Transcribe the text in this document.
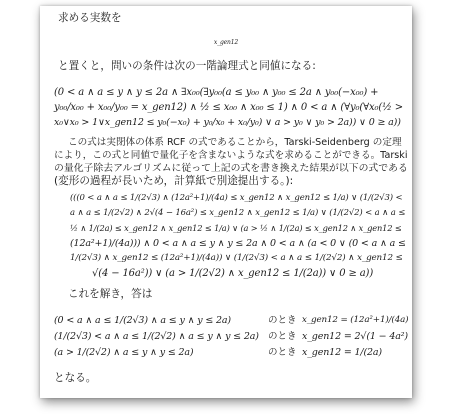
求める実数を
x_gen12
と置くと，問いの条件は次の一階論理式と同値になる:
(0 < a ∧ a ≤ y ∧ y ≤ 2a ∧ ∃x₀₀(∃y₀₀(a ≤ y₀₀ ∧ y₀₀ ≤ 2a ∧ y₀₀(−x₀₀) +
y₀₀/x₀₀ + x₀₀/y₀₀ = x_gen12) ∧ ½ ≤ x₀₀ ∧ x₀₀ ≤ 1) ∧ 0 < a ∧ (∀y₀(∀x₀(½ >
x₀∨x₀ > 1∨x_gen12 ≤ y₀(−x₀) + y₀/x₀ + x₀/y₀) ∨ a > y₀ ∨ y₀ > 2a)) ∨ 0 ≥ a))
この式は実閉体の体系 RCF の式であることから，Tarski-Seidenberg の定理
により，この式と同値で量化子を含まないような式を求めることができる。Tarski
の量化子除去アルゴリズムに従って上記の式を書き換えた結果が以下の式である
(変形の過程が長いため，計算紙で別途提出する。):
(((0 < a ∧ a ≤ 1/(2√3) ∧ (12a²+1)/(4a) ≤ x_gen12 ∧ x_gen12 ≤ 1/a) ∨ (1/(2√3) <
a ∧ a ≤ 1/(2√2) ∧ 2√(4 − 16a²) ≤ x_gen12 ∧ x_gen12 ≤ 1/a) ∨ (1/(2√2) < a ∧ a ≤
½ ∧ 1/(2a) ≤ x_gen12 ∧ x_gen12 ≤ 1/a) ∨ (a > ½ ∧ 1/(2a) ≤ x_gen12 ∧ x_gen12 ≤
(12a²+1)/(4a))) ∧ 0 < a ∧ a ≤ y ∧ y ≤ 2a ∧ 0 < a ∧ (a < 0 ∨ (0 < a ∧ a ≤
1/(2√3) ∧ x_gen12 ≤ (12a²+1)/(4a)) ∨ (1/(2√3) < a ∧ a ≤ 1/(2√2) ∧ x_gen12 ≤
√(4 − 16a²)) ∨ (a > 1/(2√2) ∧ x_gen12 ≤ 1/(2a)) ∨ 0 ≥ a))
これを解き，答は
(0 < a ∧ a ≤ 1/(2√3) ∧ a ≤ y ∧ y ≤ 2a)	のとき x_gen12 = (12a²+1)/(4a)
(1/(2√3) < a ∧ a ≤ 1/(2√2) ∧ a ≤ y ∧ y ≤ 2a) のとき x_gen12 = 2√(1 − 4a²)
(a > 1/(2√2) ∧ a ≤ y ∧ y ≤ 2a)	のとき x_gen12 = 1/(2a)
となる。
